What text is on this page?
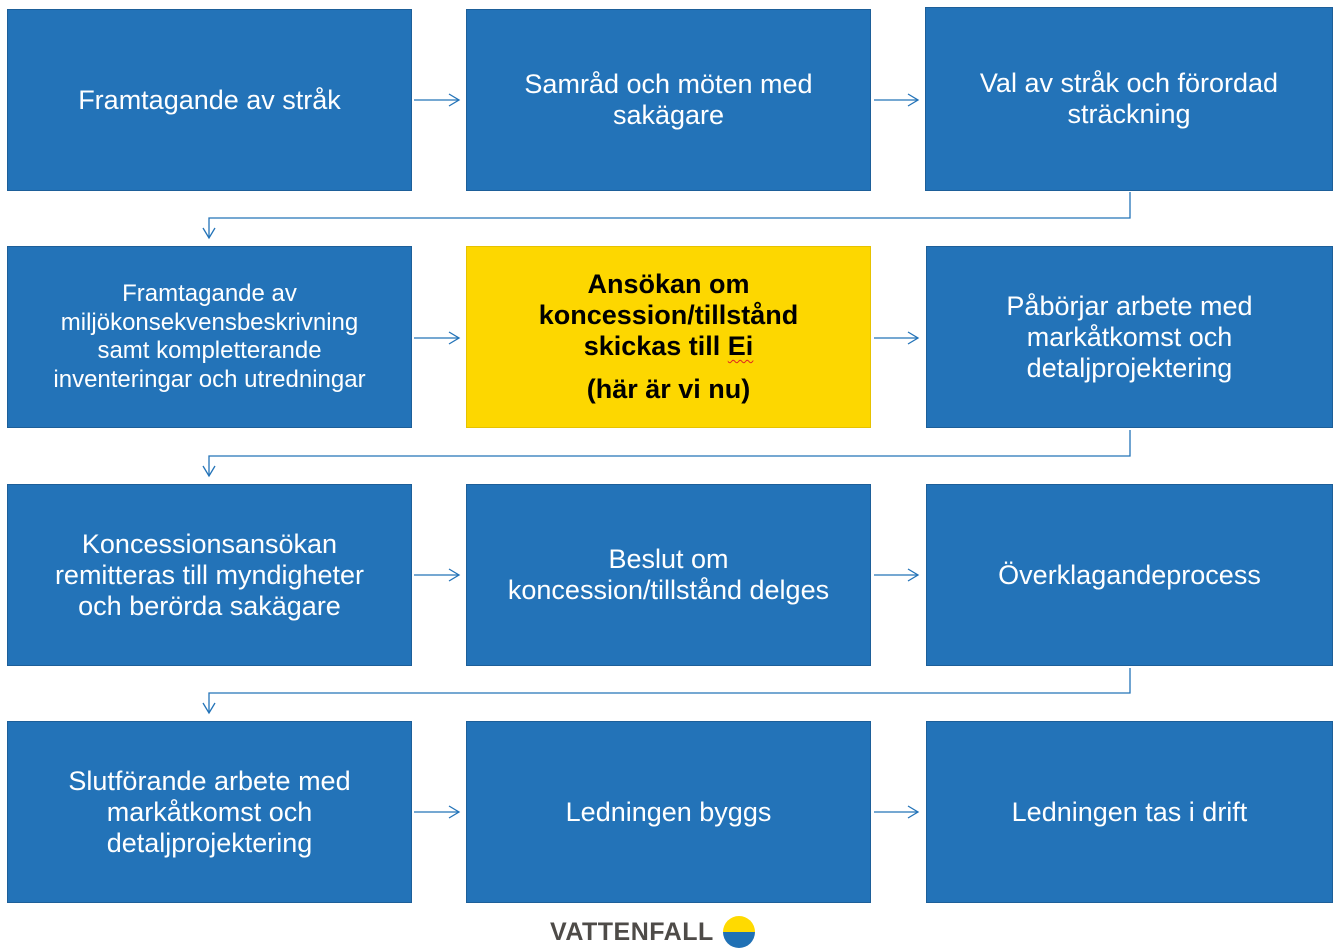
Framtagande av stråk
Samråd och möten med
sakägare
Val av stråk och förordad
sträckning
Framtagande av
miljökonsekvensbeskrivning
samt kompletterande
inventeringar och utredningar
Ansökan om
koncession/tillstånd
skickas till Ei
(här är vi nu)
Påbörjar arbete med
markåtkomst och
detaljprojektering
Koncessionsansökan
remitteras till myndigheter
och berörda sakägare
Beslut om
koncession/tillstånd delges
Överklagandeprocess
Slutförande arbete med
markåtkomst och
detaljprojektering
Ledningen byggs	Ledningen tas i drift
VATTENFALL
